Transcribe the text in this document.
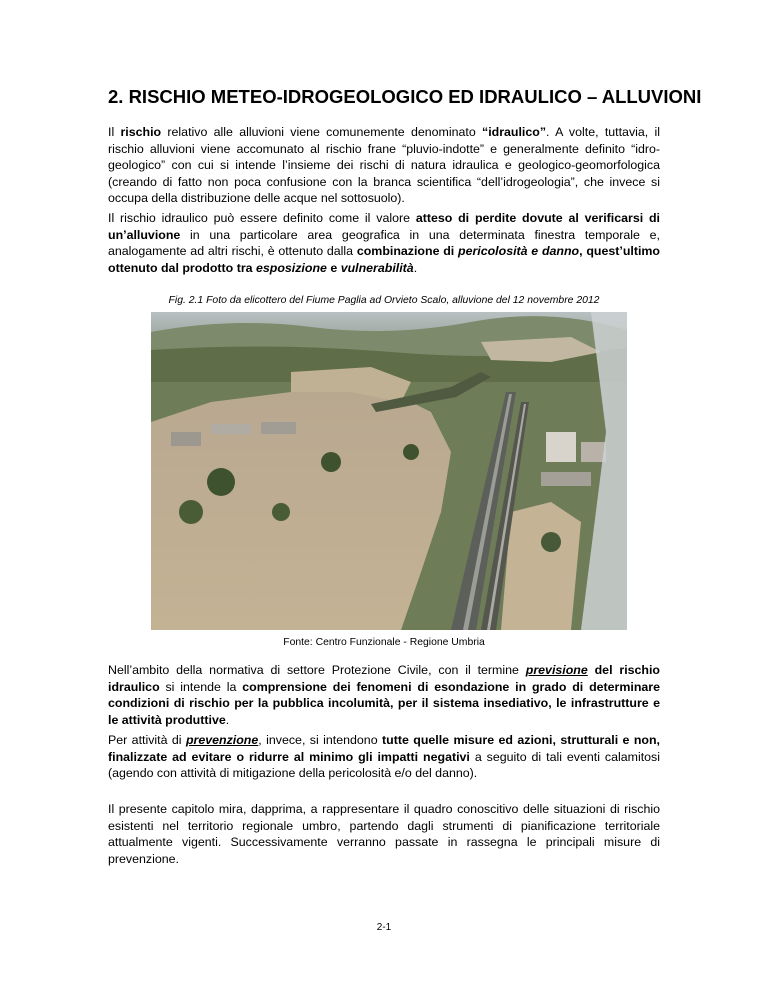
2. RISCHIO METEO-IDROGEOLOGICO ED IDRAULICO – ALLUVIONI

Il rischio relativo alle alluvioni viene comunemente denominato “idraulico”. A volte, tuttavia, il rischio alluvioni viene accomunato al rischio frane “pluvio-indotte” e generalmente definito “idro-geologico” con cui si intende l’insieme dei rischi di natura idraulica e geologico-geomorfologica (creando di fatto non poca confusione con la branca scientifica “dell’idrogeologia”, che invece si occupa della distribuzione delle acque nel sottosuolo).

Il rischio idraulico può essere definito come il valore atteso di perdite dovute al verificarsi di un’alluvione in una particolare area geografica in una determinata finestra temporale e, analogamente ad altri rischi, è ottenuto dalla combinazione di pericolosità e danno, quest’ultimo ottenuto dal prodotto tra esposizione e vulnerabilità.

Fig. 2.1 Foto da elicottero del Fiume Paglia ad Orvieto Scalo, alluvione del 12 novembre 2012

Fonte: Centro Funzionale - Regione Umbria

Nell’ambito della normativa di settore Protezione Civile, con il termine previsione del rischio idraulico si intende la comprensione dei fenomeni di esondazione in grado di determinare condizioni di rischio per la pubblica incolumità, per il sistema insediativo, le infrastrutture e le attività produttive.

Per attività di prevenzione, invece, si intendono tutte quelle misure ed azioni, strutturali e non, finalizzate ad evitare o ridurre al minimo gli impatti negativi a seguito di tali eventi calamitosi (agendo con attività di mitigazione della pericolosità e/o del danno).

Il presente capitolo mira, dapprima, a rappresentare il quadro conoscitivo delle situazioni di rischio esistenti nel territorio regionale umbro, partendo dagli strumenti di pianificazione territoriale attualmente vigenti. Successivamente verranno passate in rassegna le principali misure di prevenzione.

2-1
